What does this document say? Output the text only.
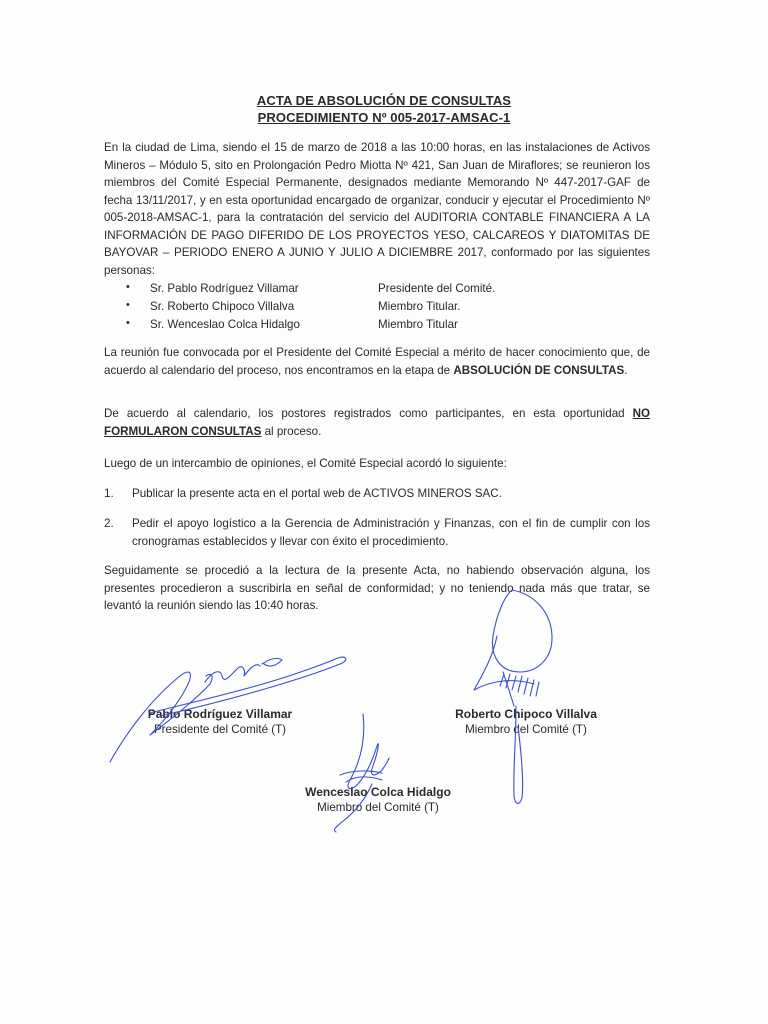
ACTA DE ABSOLUCIÓN DE CONSULTAS
PROCEDIMIENTO Nº 005-2017-AMSAC-1

En la ciudad de Lima, siendo el 15 de marzo de 2018 a las 10:00 horas, en las instalaciones de Activos Mineros – Módulo 5, sito en Prolongación Pedro Miotta Nº 421, San Juan de Miraflores; se reunieron los miembros del Comité Especial Permanente, designados mediante Memorando Nº 447-2017-GAF de fecha 13/11/2017, y en esta oportunidad encargado de organizar, conducir y ejecutar el Procedimiento Nº 005-2018-AMSAC-1, para la contratación del servicio del AUDITORIA CONTABLE FINANCIERA A LA INFORMACIÓN DE PAGO DIFERIDO DE LOS PROYECTOS YESO, CALCAREOS Y DIATOMITAS DE BAYOVAR – PERIODO ENERO A JUNIO Y JULIO A DICIEMBRE 2017, conformado por las siguientes personas:

• Sr. Pablo Rodríguez Villamar	Presidente del Comité.
• Sr. Roberto Chipoco Villalva	Miembro Titular.
• Sr. Wenceslao Colca Hidalgo	Miembro Titular

La reunión fue convocada por el Presidente del Comité Especial a mérito de hacer conocimiento que, de acuerdo al calendario del proceso, nos encontramos en la etapa de ABSOLUCIÓN DE CONSULTAS.

De acuerdo al calendario, los postores registrados como participantes, en esta oportunidad NO FORMULARON CONSULTAS al proceso.

Luego de un intercambio de opiniones, el Comité Especial acordó lo siguiente:

1. Publicar la presente acta en el portal web de ACTIVOS MINEROS SAC.
2. Pedir el apoyo logístico a la Gerencia de Administración y Finanzas, con el fin de cumplir con los cronogramas establecidos y llevar con éxito el procedimiento.

Seguidamente se procedió a la lectura de la presente Acta, no habiendo observación alguna, los presentes procedieron a suscribirla en señal de conformidad; y no teniendo nada más que tratar, se levantó la reunión siendo las 10:40 horas.

Pablo Rodríguez Villamar
Presidente del Comité (T)
Roberto Chipoco Villalva
Miembro del Comité (T)
Wenceslao Colca Hidalgo
Miembro del Comité (T)
